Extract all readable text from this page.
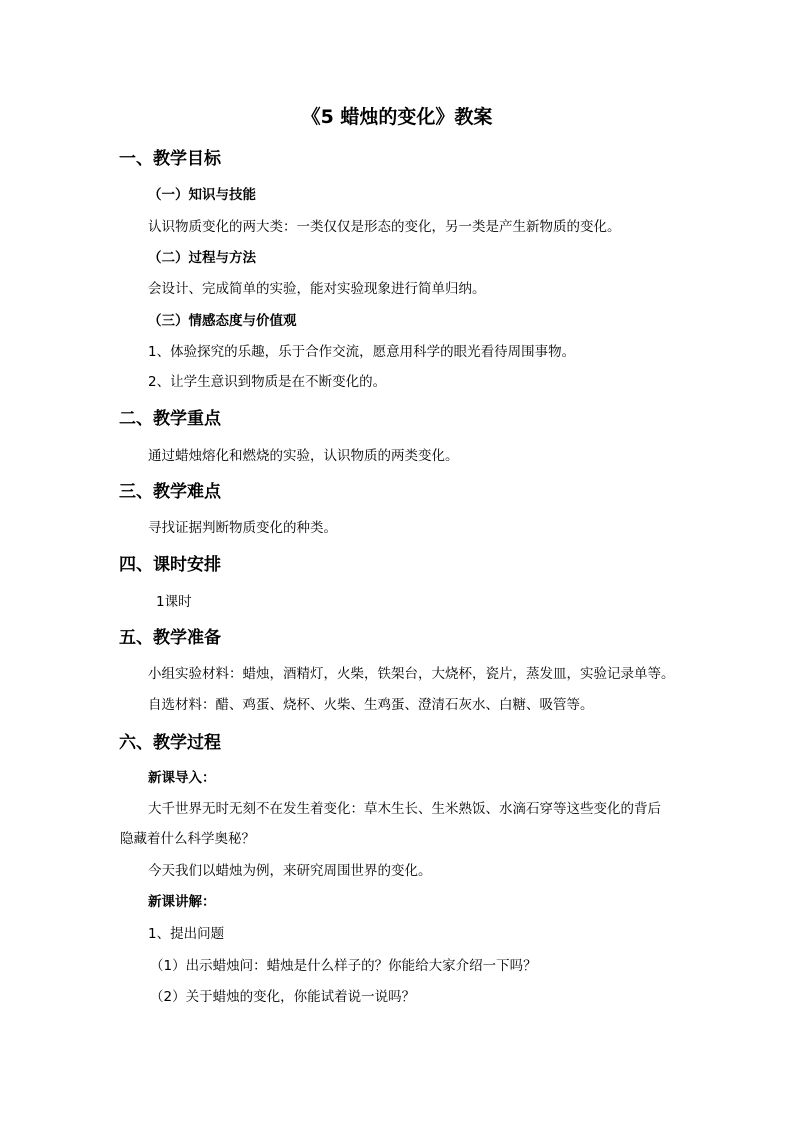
《5 蜡烛的变化》教案
一、教学目标
（一）知识与技能
认识物质变化的两大类：一类仅仅是形态的变化，另一类是产生新物质的变化。
（二）过程与方法
会设计、完成简单的实验，能对实验现象进行简单归纳。
（三）情感态度与价值观
1、体验探究的乐趣，乐于合作交流，愿意用科学的眼光看待周围事物。
2、让学生意识到物质是在不断变化的。
二、教学重点
通过蜡烛熔化和燃烧的实验，认识物质的两类变化。
三、教学难点
寻找证据判断物质变化的种类。
四、课时安排
1课时
五、教学准备
小组实验材料：蜡烛，酒精灯，火柴，铁架台，大烧杯，瓷片，蒸发皿，实验记录单等。
自选材料：醋、鸡蛋、烧杯、火柴、生鸡蛋、澄清石灰水、白糖、吸管等。
六、教学过程
新课导入：
大千世界无时无刻不在发生着变化：草木生长、生米熟饭、水滴石穿等这些变化的背后
隐藏着什么科学奥秘？
今天我们以蜡烛为例，来研究周围世界的变化。
新课讲解：
1、提出问题
（1）出示蜡烛问：蜡烛是什么样子的？你能给大家介绍一下吗？
（2）关于蜡烛的变化，你能试着说一说吗？
